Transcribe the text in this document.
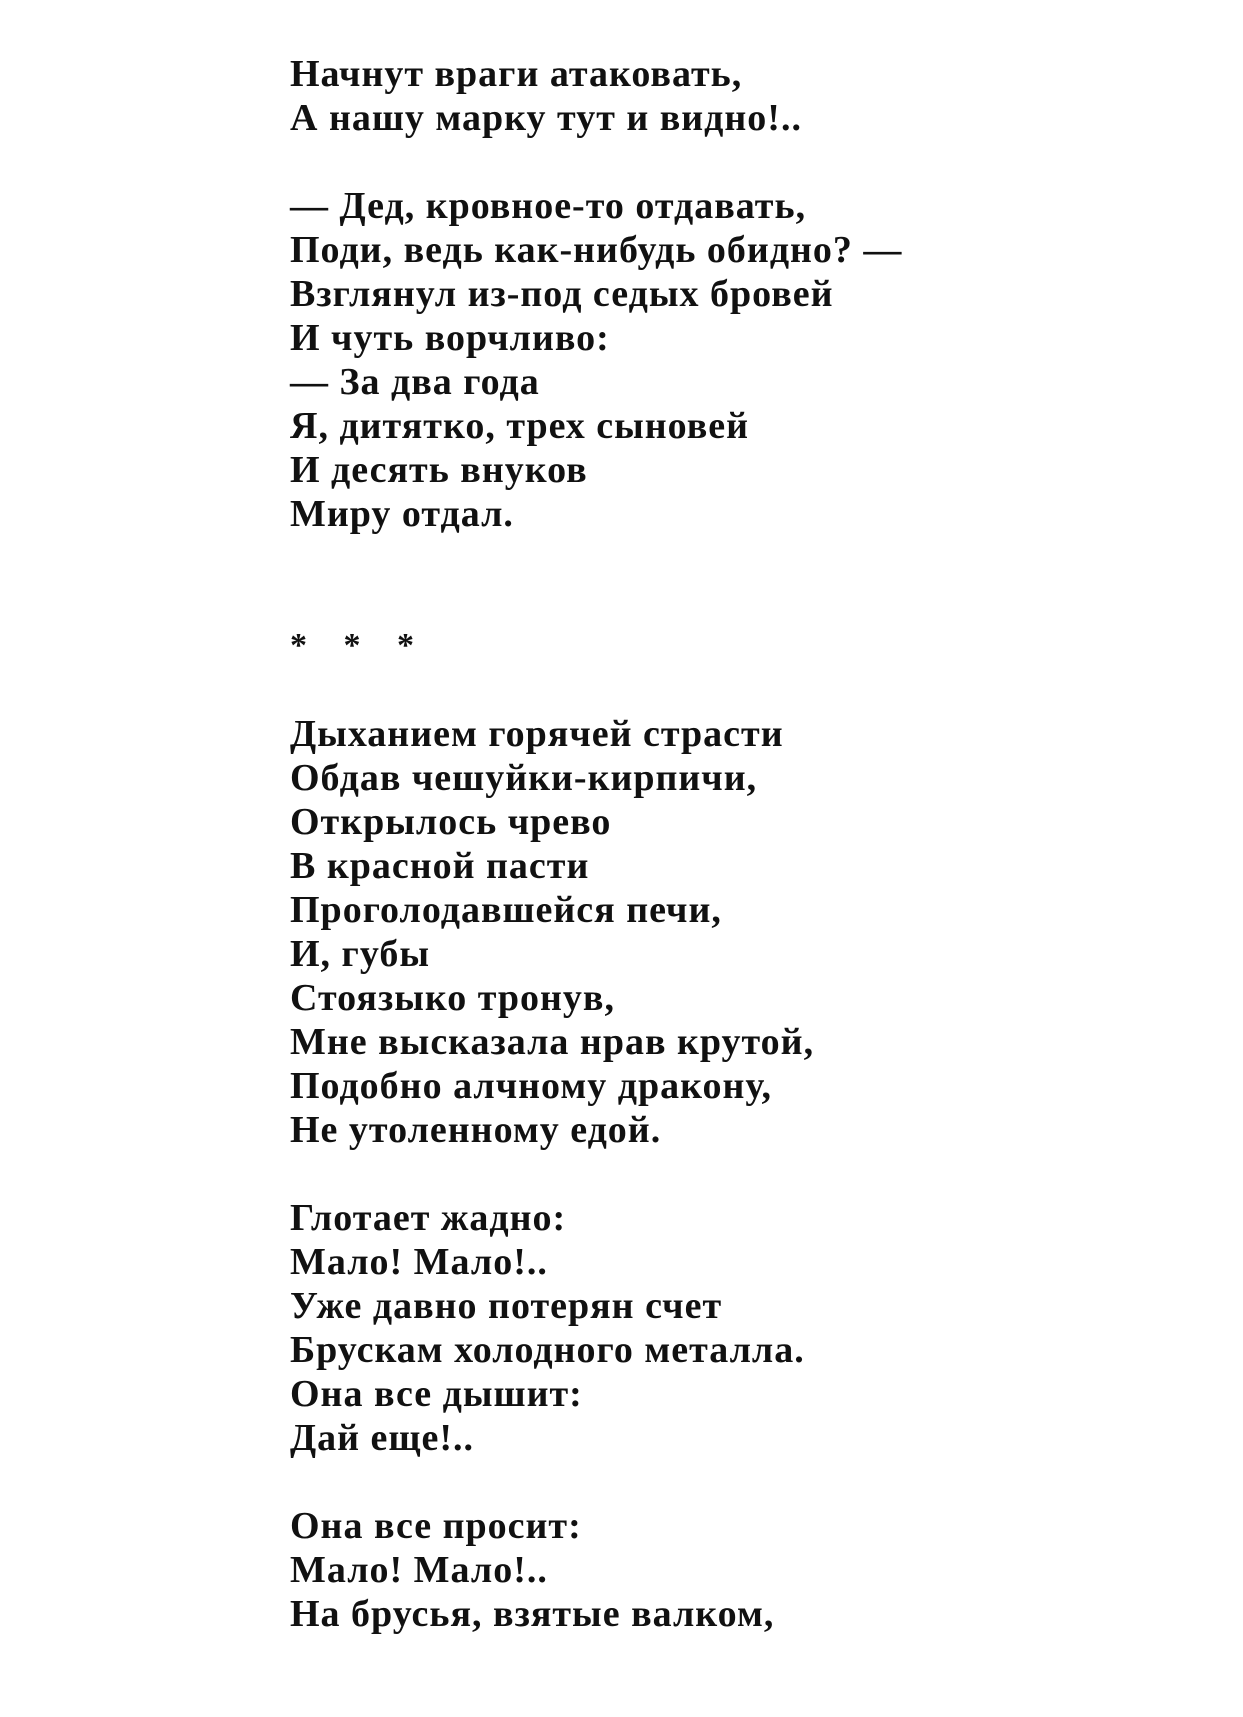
Начнут враги атаковать,
А нашу марку тут и видно!..
— Дед, кровное-то отдавать,
Поди, ведь как-нибудь обидно? —
Взглянул из-под седых бровей
И чуть ворчливо:
— За два года
Я, дитятко, трех сыновей
И десять внуков
Миру отдал.
* * *
Дыханием горячей страсти
Обдав чешуйки-кирпичи,
Открылось чрево
В красной пасти
Проголодавшейся печи,
И, губы
Стоязыко тронув,
Мне высказала нрав крутой,
Подобно алчному дракону,
Не утоленному едой.
Глотает жадно:
Мало! Мало!..
Уже давно потерян счет
Брускам холодного металла.
Она все дышит:
Дай еще!..
Она все просит:
Мало! Мало!..
На брусья, взятые валком,
